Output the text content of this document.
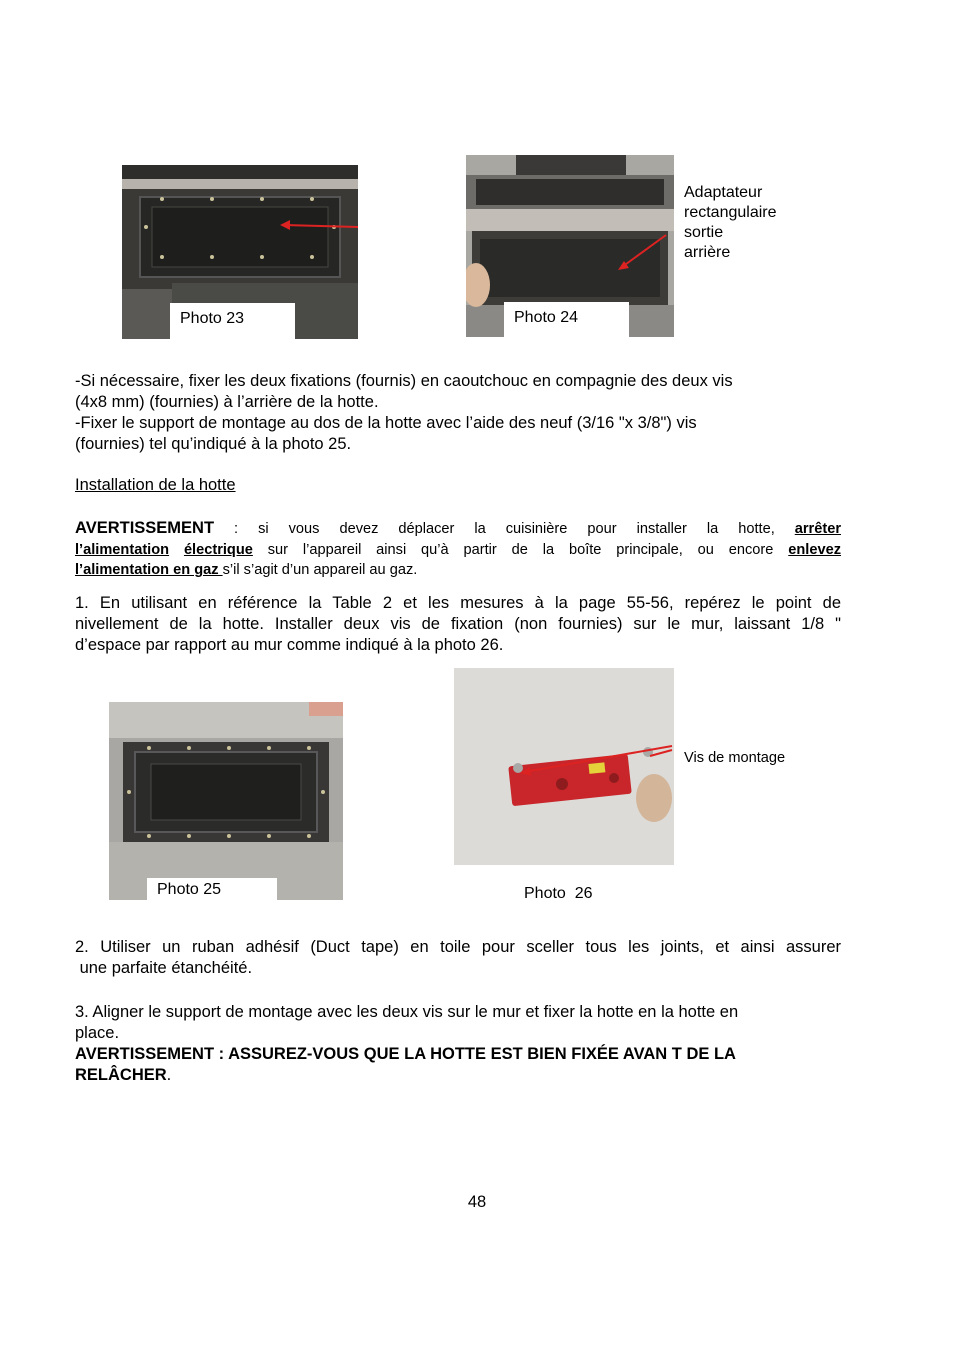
Photo 23	Photo 24
Adaptateur
rectangulaire
sortie
arrière
-Si nécessaire, fixer les deux fixations (fournis) en caoutchouc en compagnie des deux vis
(4x8 mm) (fournies) à l’arrière de la hotte.
-Fixer le support de montage au dos de la hotte avec l’aide des neuf (3/16 "x 3/8") vis
(fournies) tel qu’indiqué à la photo 25.
Installation de la hotte
AVERTISSEMENT : si vous devez déplacer la cuisinière pour installer la hotte, arrêter
l’alimentation électrique sur l’appareil ainsi qu’à partir de la boîte principale, ou encore enlevez
l’alimentation en gaz s’il s’agit d’un appareil au gaz.
1. En utilisant en référence la Table 2 et les mesures à la page 55-56, repérez le point de
nivellement de la hotte. Installer deux vis de fixation (non fournies) sur le mur, laissant 1/8 "
d’espace par rapport au mur comme indiqué à la photo 26.
Photo 25
Vis de montage
Photo  26
2. Utiliser un ruban adhésif (Duct tape) en toile pour sceller tous les joints, et ainsi assurer
une parfaite étanchéité.
3. Aligner le support de montage avec les deux vis sur le mur et fixer la hotte en la hotte en
place.
AVERTISSEMENT : ASSUREZ-VOUS QUE LA HOTTE EST BIEN FIXÉE AVAN T DE LA
RELÂCHER.
48
